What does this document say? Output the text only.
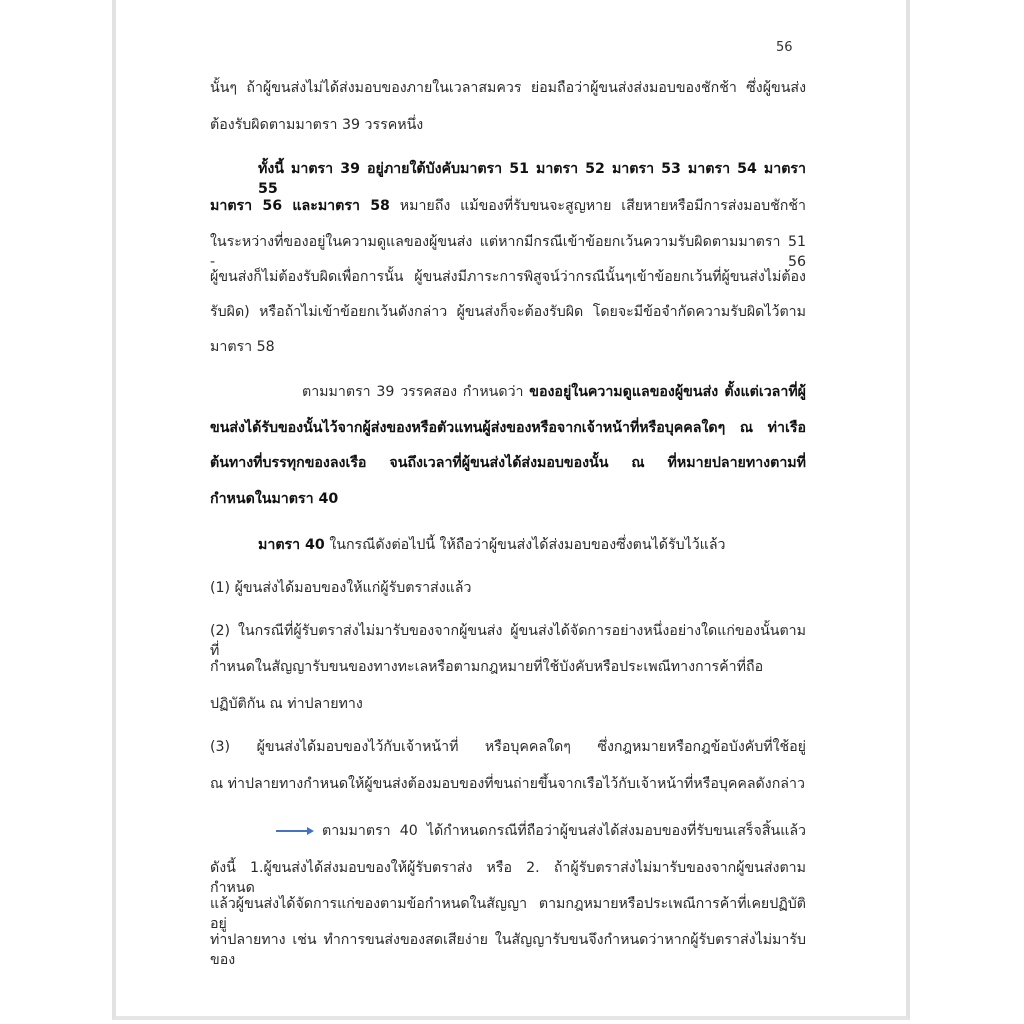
56
นั้นๆ ถ้าผู้ขนส่งไม่ได้ส่งมอบของภายในเวลาสมควร ย่อมถือว่าผู้ขนส่งส่งมอบของชักช้า ซึ่งผู้ขนส่ง
ต้องรับผิดตามมาตรา 39 วรรคหนึ่ง
ทั้งนี้ มาตรา 39 อยู่ภายใต้บังคับมาตรา 51 มาตรา 52 มาตรา 53 มาตรา 54 มาตรา 55
มาตรา 56 และมาตรา 58 หมายถึง แม้ของที่รับขนจะสูญหาย เสียหายหรือมีการส่งมอบชักช้า
ในระหว่างที่ของอยู่ในความดูแลของผู้ขนส่ง แต่หากมีกรณีเข้าข้อยกเว้นความรับผิดตามมาตรา 51 - 56
ผู้ขนส่งก็ไม่ต้องรับผิดเพื่อการนั้น ผู้ขนส่งมีภาระการพิสูจน์ว่ากรณีนั้นๆเข้าข้อยกเว้นที่ผู้ขนส่งไม่ต้อง
รับผิด) หรือถ้าไม่เข้าข้อยกเว้นดังกล่าว ผู้ขนส่งก็จะต้องรับผิด โดยจะมีข้อจำกัดความรับผิดไว้ตาม
มาตรา 58
ตามมาตรา 39 วรรคสอง กำหนดว่า ของอยู่ในความดูแลของผู้ขนส่ง ตั้งแต่เวลาที่ผู้
ขนส่งได้รับของนั้นไว้จากผู้ส่งของหรือตัวแทนผู้ส่งของหรือจากเจ้าหน้าที่หรือบุคคลใดๆ ณ ท่าเรือ
ต้นทางที่บรรทุกของลงเรือ จนถึงเวลาที่ผู้ขนส่งได้ส่งมอบของนั้น ณ ที่หมายปลายทางตามที่
กำหนดในมาตรา 40
มาตรา 40 ในกรณีดังต่อไปนี้ ให้ถือว่าผู้ขนส่งได้ส่งมอบของซึ่งตนได้รับไว้แล้ว
(1) ผู้ขนส่งได้มอบของให้แก่ผู้รับตราส่งแล้ว
(2) ในกรณีที่ผู้รับตราส่งไม่มารับของจากผู้ขนส่ง ผู้ขนส่งได้จัดการอย่างหนึ่งอย่างใดแก่ของนั้นตามที่
กำหนดในสัญญารับขนของทางทะเลหรือตามกฎหมายที่ใช้บังคับหรือประเพณีทางการค้าที่ถือ
ปฏิบัติกัน ณ ท่าปลายทาง
(3) ผู้ขนส่งได้มอบของไว้กับเจ้าหน้าที่ หรือบุคคลใดๆ ซึ่งกฎหมายหรือกฎข้อบังคับที่ใช้อยู่
ณ ท่าปลายทางกำหนดให้ผู้ขนส่งต้องมอบของที่ขนถ่ายขึ้นจากเรือไว้กับเจ้าหน้าที่หรือบุคคลดังกล่าว
ตามมาตรา 40 ได้กำหนดกรณีที่ถือว่าผู้ขนส่งได้ส่งมอบของที่รับขนเสร็จสิ้นแล้ว
ดังนี้ 1.ผู้ขนส่งได้ส่งมอบของให้ผู้รับตราส่ง หรือ 2. ถ้าผู้รับตราส่งไม่มารับของจากผู้ขนส่งตามกำหนด
แล้วผู้ขนส่งได้จัดการแก่ของตามข้อกำหนดในสัญญา ตามกฎหมายหรือประเพณีการค้าที่เคยปฏิบัติอยู่
ท่าปลายทาง เช่น ทำการขนส่งของสดเสียง่าย ในสัญญารับขนจึงกำหนดว่าหากผู้รับตราส่งไม่มารับของ
